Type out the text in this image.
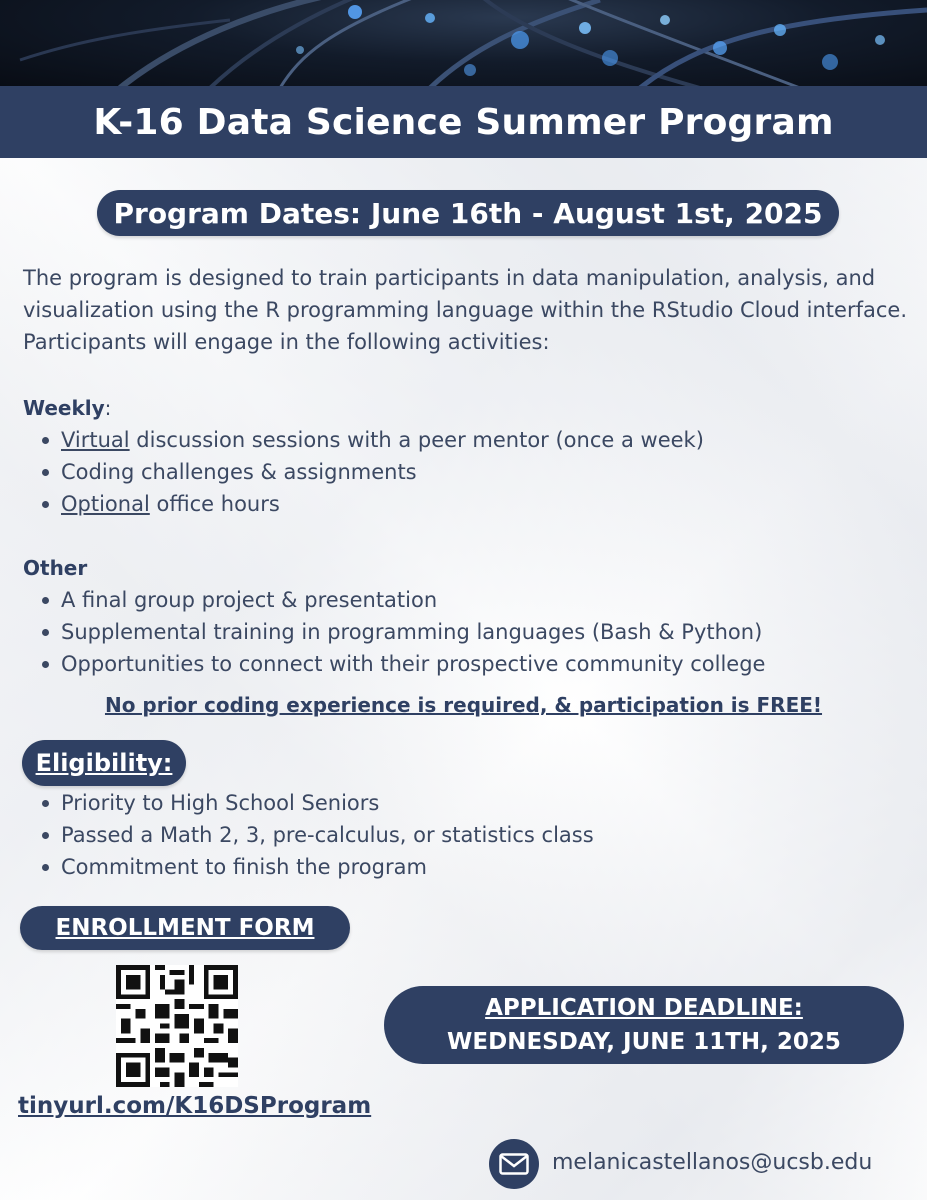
K-16 Data Science Summer Program
Program Dates: June 16th - August 1st, 2025
The program is designed to train participants in data manipulation, analysis, and visualization using the R programming language within the RStudio Cloud interface. Participants will engage in the following activities:
Weekly:
Virtual discussion sessions with a peer mentor (once a week)
Coding challenges & assignments
Optional office hours
Other
A final group project & presentation
Supplemental training in programming languages (Bash & Python)
Opportunities to connect with their prospective community college
No prior coding experience is required, & participation is FREE!
Eligibility:
Priority to High School Seniors
Passed a Math 2, 3, pre-calculus, or statistics class
Commitment to finish the program
ENROLLMENT FORM
tinyurl.com/K16DSProgram
APPLICATION DEADLINE:
WEDNESDAY, JUNE 11TH, 2025
melanicastellanos@ucsb.edu
